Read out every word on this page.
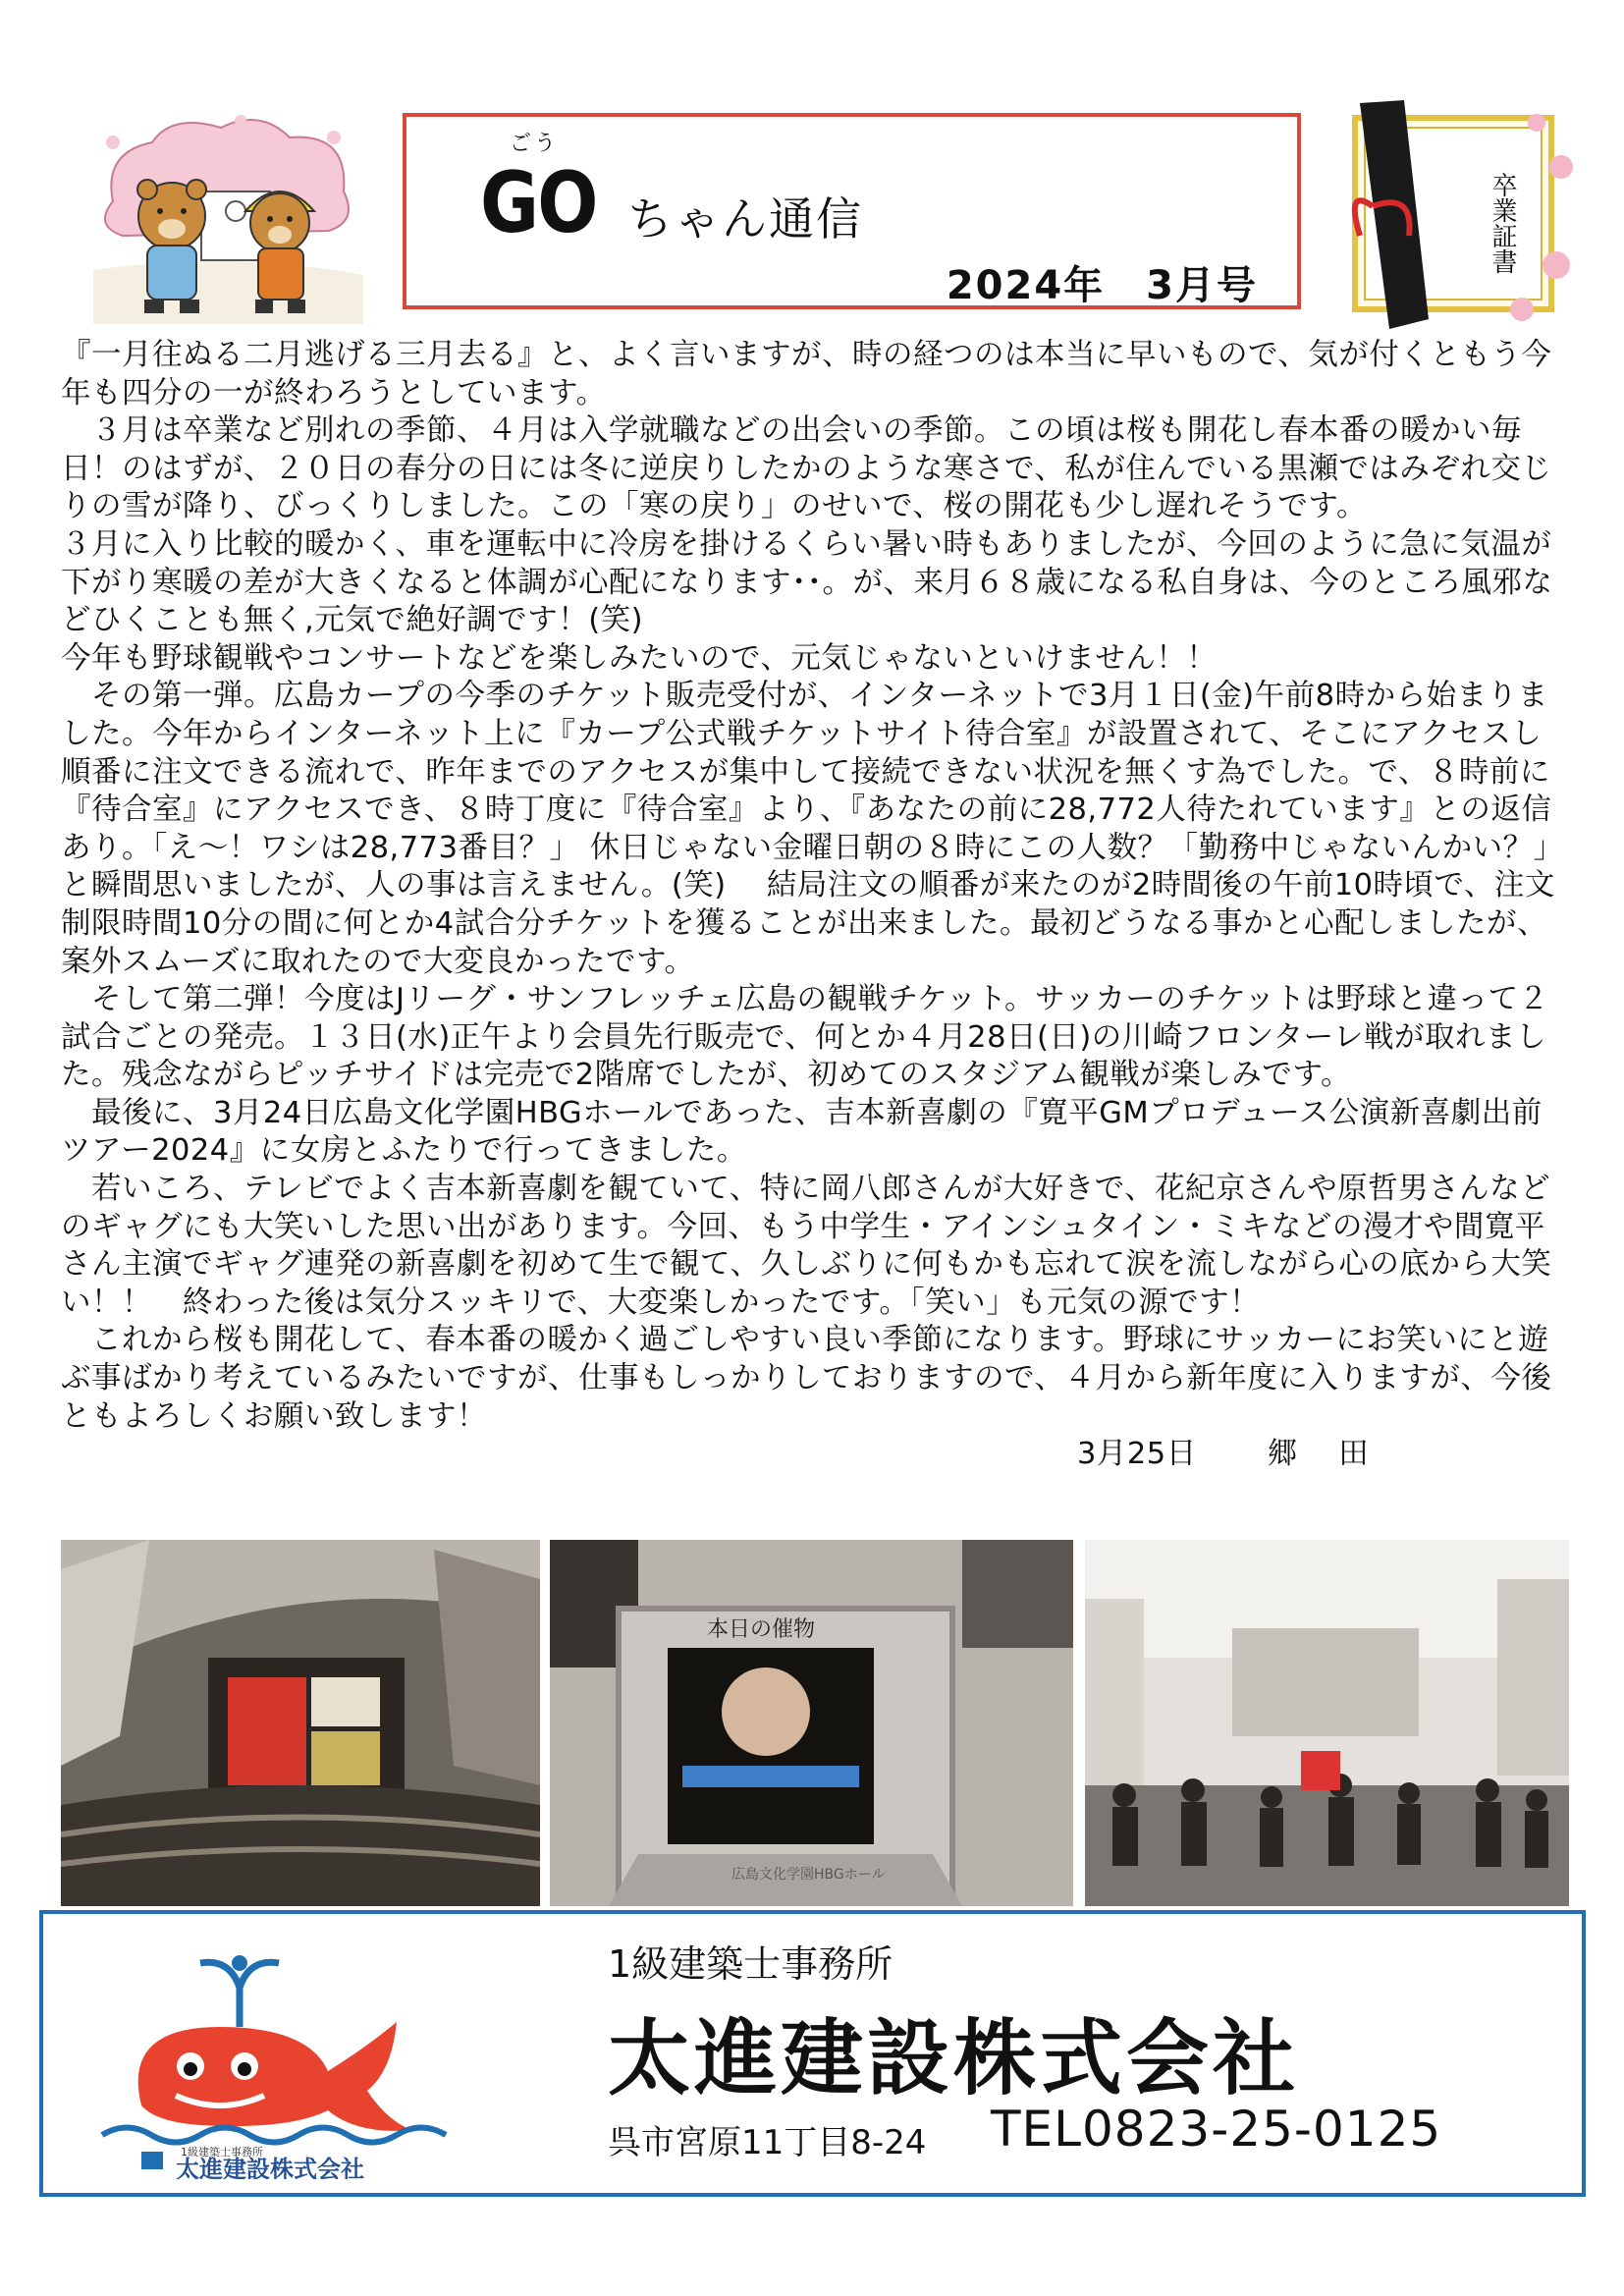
ごう
GO ちゃん通信
2024年　3月号
卒業証書

『一月往ぬる二月逃げる三月去る』と、よく言いますが、時の経つのは本当に早いもので、気が付くともう今年も四分の一が終わろうとしています。

　３月は卒業など別れの季節、４月は入学就職などの出会いの季節。この頃は桜も開花し春本番の暖かい毎日！のはずが、２０日の春分の日には冬に逆戻りしたかのような寒さで、私が住んでいる黒瀬ではみぞれ交じりの雪が降り、びっくりしました。この「寒の戻り」のせいで、桜の開花も少し遅れそうです。

３月に入り比較的暖かく、車を運転中に冷房を掛けるくらい暑い時もありましたが、今回のように急に気温が下がり寒暖の差が大きくなると体調が心配になります･･。が、来月６８歳になる私自身は、今のところ風邪などひくことも無く,元気で絶好調です！(笑)

今年も野球観戦やコンサートなどを楽しみたいので、元気じゃないといけません！！

　その第一弾。広島カープの今季のチケット販売受付が、インターネットで3月１日(金)午前8時から始まりました。今年からインターネット上に『カープ公式戦チケットサイト待合室』が設置されて、そこにアクセスし順番に注文できる流れで、昨年までのアクセスが集中して接続できない状況を無くす為でした。で、８時前に『待合室』にアクセスでき、８時丁度に『待合室』より、『あなたの前に28,772人待たれています』との返信あり。「え～！ワシは28,773番目？」 休日じゃない金曜日朝の８時にこの人数？「勤務中じゃないんかい？」と瞬間思いましたが、人の事は言えません。(笑)　 結局注文の順番が来たのが2時間後の午前10時頃で、注文制限時間10分の間に何とか4試合分チケットを獲ることが出来ました。最初どうなる事かと心配しましたが、案外スムーズに取れたので大変良かったです。

　そして第二弾！今度はJリーグ・サンフレッチェ広島の観戦チケット。サッカーのチケットは野球と違って２試合ごとの発売。１３日(水)正午より会員先行販売で、何とか４月28日(日)の川崎フロンターレ戦が取れました。残念ながらピッチサイドは完売で2階席でしたが、初めてのスタジアム観戦が楽しみです。

　最後に、3月24日広島文化学園HBGホールであった、吉本新喜劇の『寛平GMプロデュース公演新喜劇出前ツアー2024』に女房とふたりで行ってきました。

　若いころ、テレビでよく吉本新喜劇を観ていて、特に岡八郎さんが大好きで、花紀京さんや原哲男さんなどのギャグにも大笑いした思い出があります。今回、もう中学生・アインシュタイン・ミキなどの漫才や間寛平さん主演でギャグ連発の新喜劇を初めて生で観て、久しぶりに何もかも忘れて涙を流しながら心の底から大笑い！！　終わった後は気分スッキリで、大変楽しかったです。「笑い」も元気の源です！

　これから桜も開花して、春本番の暖かく過ごしやすい良い季節になります。野球にサッカーにお笑いにと遊ぶ事ばかり考えているみたいですが、仕事もしっかりしておりますので、４月から新年度に入りますが、今後ともよろしくお願い致します！

3月25日　　 郷　 田

本日の催物
広島文化学園HBGホール
1級建築士事務所
太進建設株式会社
1級建築士事務所
太進建設株式会社
呉市宮原11丁目8-24 TEL0823-25-0125
